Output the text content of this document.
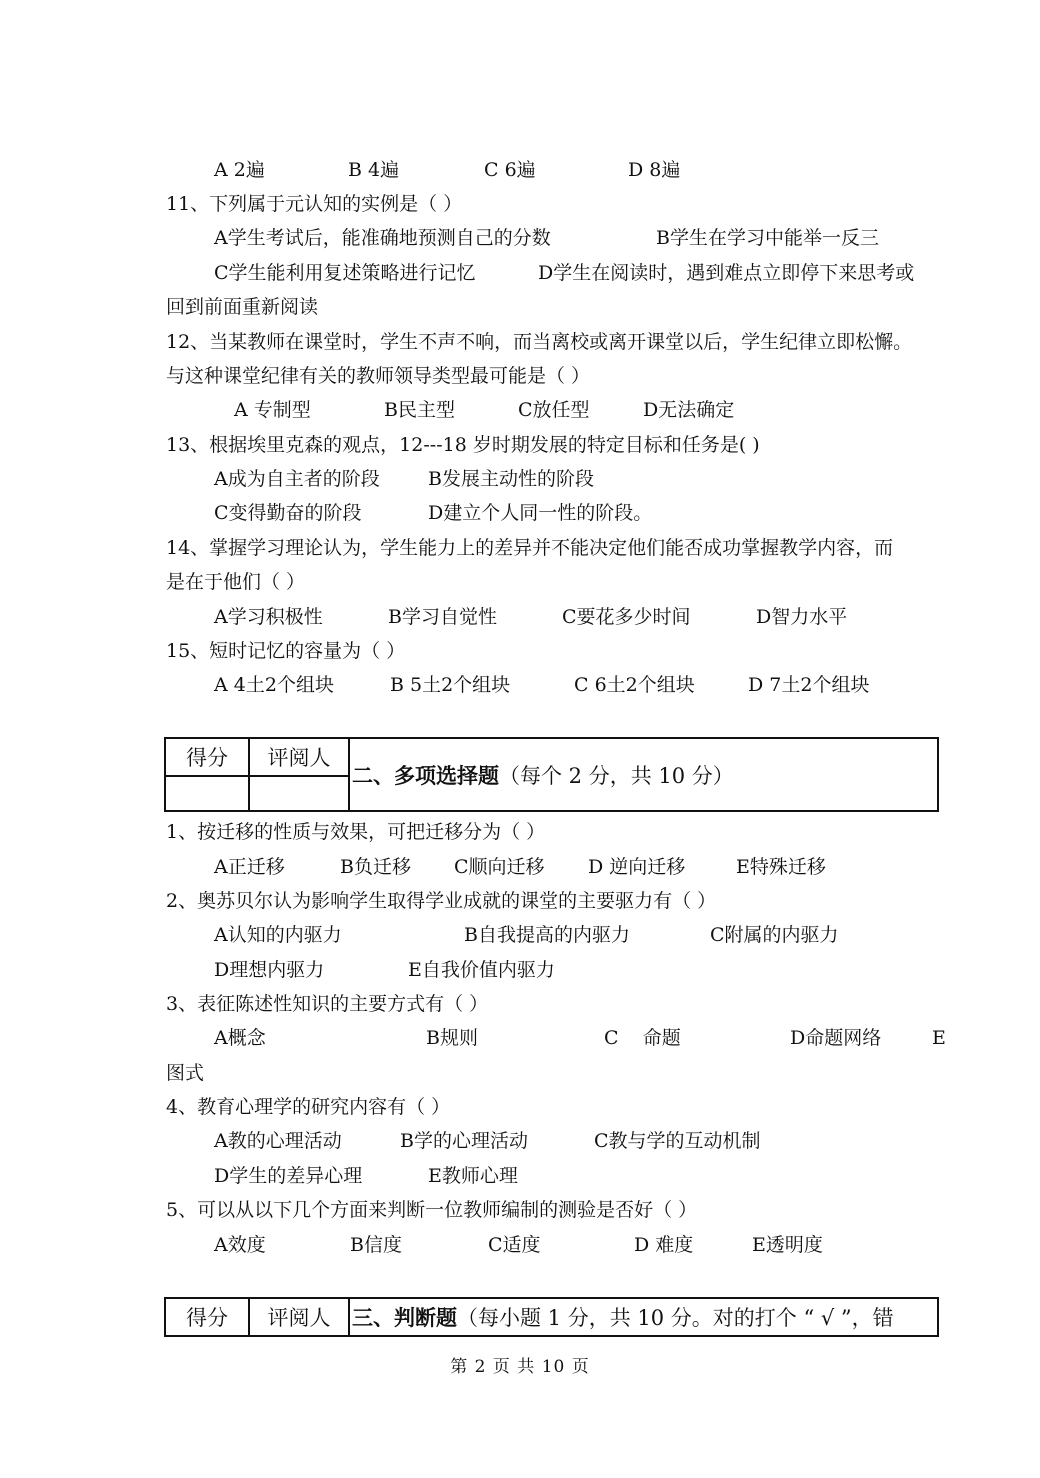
A 2遍	B 4遍	C 6遍	D 8遍
11、下列属于元认知的实例是（ ）
A学生考试后，能准确地预测自己的分数	B学生在学习中能举一反三
C学生能利用复述策略进行记忆	D学生在阅读时，遇到难点立即停下来思考或
回到前面重新阅读
12、当某教师在课堂时，学生不声不响，而当离校或离开课堂以后，学生纪律立即松懈。
与这种课堂纪律有关的教师领导类型最可能是（ ）
A 专制型	B民主型	C放任型	D无法确定
13、根据埃里克森的观点，12---18 岁时期发展的特定目标和任务是( )
A成为自主者的阶段	B发展主动性的阶段
C变得勤奋的阶段	D建立个人同一性的阶段。
14、掌握学习理论认为，学生能力上的差异并不能决定他们能否成功掌握教学内容，而
是在于他们（ ）
A学习积极性	B学习自觉性	C要花多少时间	D智力水平
15、短时记忆的容量为（ ）
A 4土2个组块	B 5土2个组块	C 6土2个组块	D 7土2个组块
得分	评阅人
二、多项选择题 （每个 2 分，共 10 分）
1、按迁移的性质与效果，可把迁移分为（ ）
A正迁移	B负迁移 C顺向迁移 D 逆向迁移	E特殊迁移
2、奥苏贝尔认为影响学生取得学业成就的课堂的主要驱力有（ ）
A认知的内驱力	B自我提高的内驱力	C附属的内驱力
D理想内驱力	E自我价值内驱力
3、表征陈述性知识的主要方式有（ ）
A概念	B规则	C    命题	D命题网络	E
图式
4、教育心理学的研究内容有（ ）
A教的心理活动	B学的心理活动	C教与学的互动机制
D学生的差异心理	E教师心理
5、可以从以下几个方面来判断一位教师编制的测验是否好（ ）
A效度	B信度	C适度	D 难度	E透明度
得分	评阅人	三、判断题 （每小题 1 分，共 10 分。对的打个 “ √ ”，错
第 2 页 共 10 页
